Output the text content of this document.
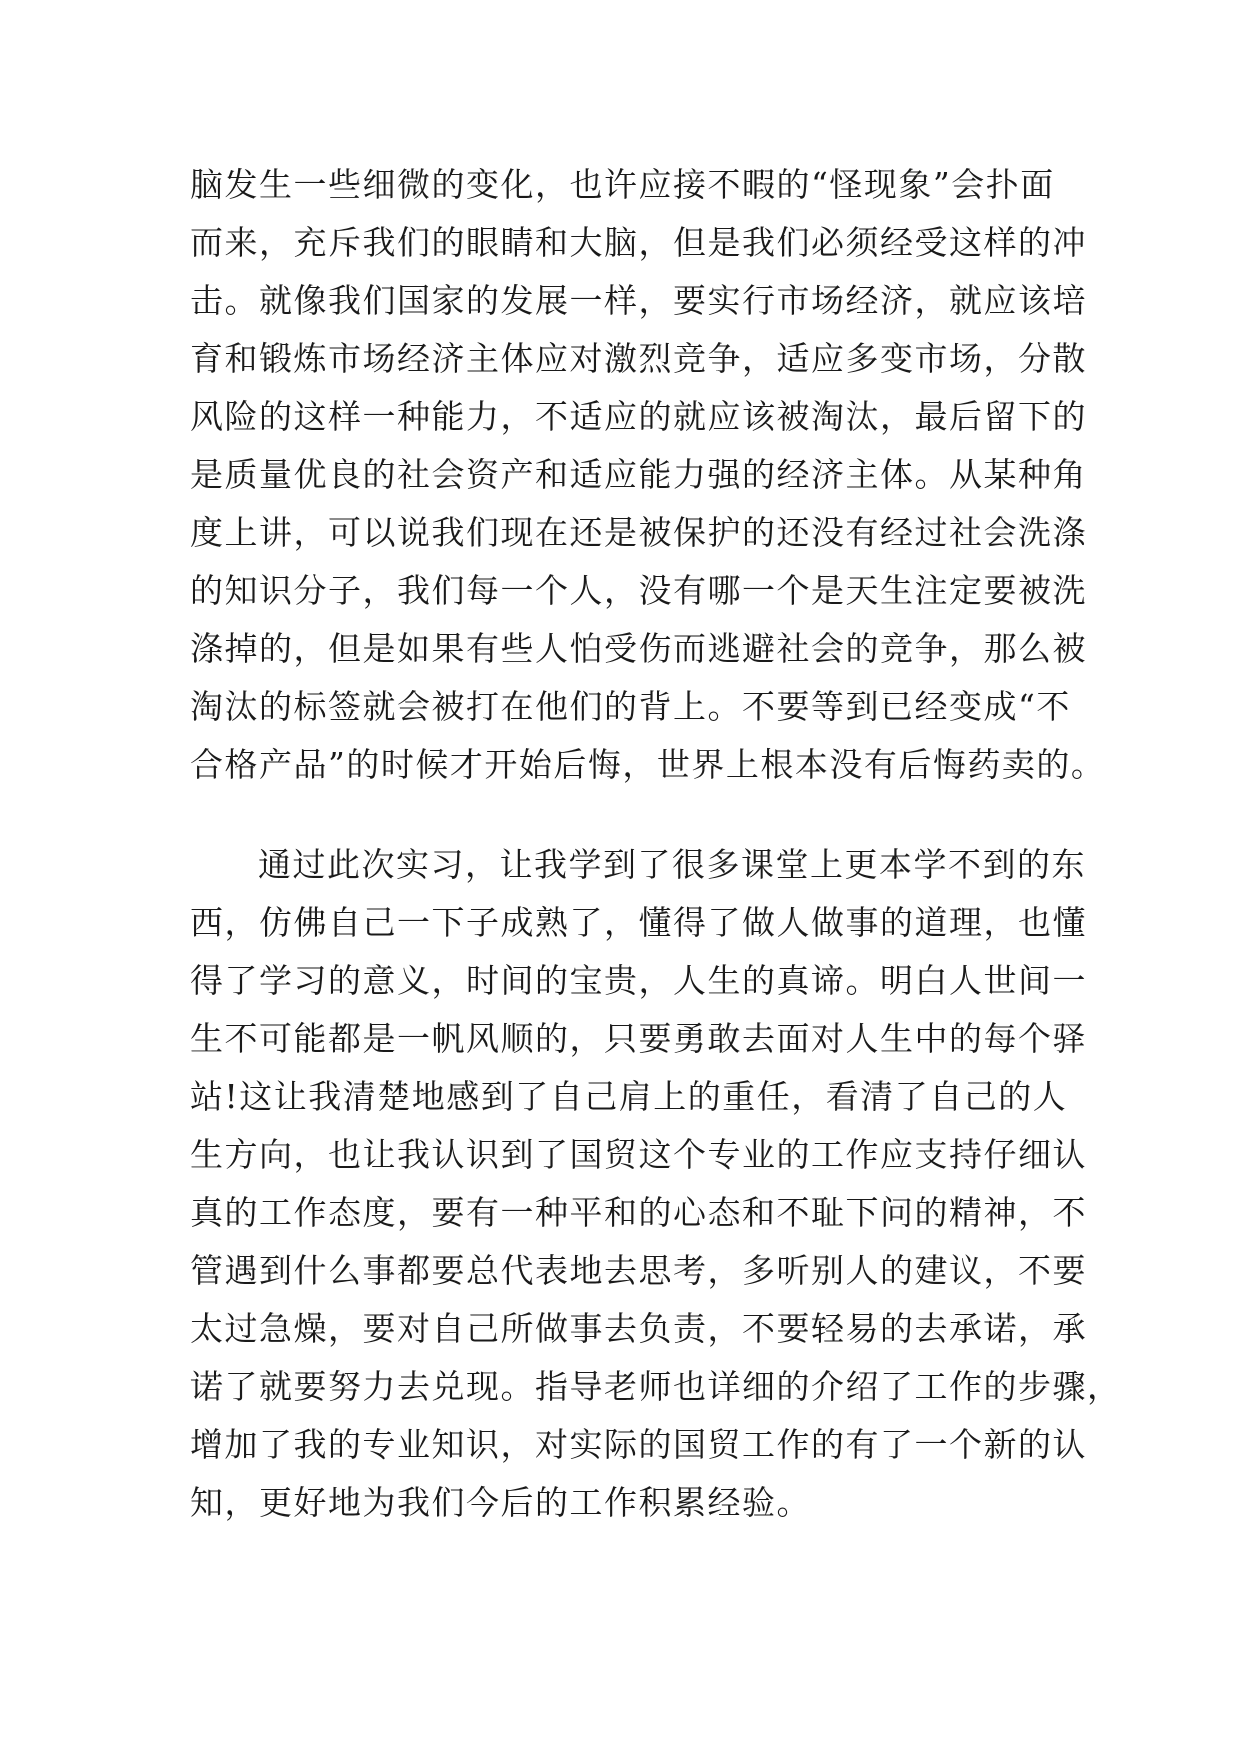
脑发生一些细微的变化，也许应接不暇的“怪现象”会扑面
而来，充斥我们的眼睛和大脑，但是我们必须经受这样的冲
击。就像我们国家的发展一样，要实行市场经济，就应该培
育和锻炼市场经济主体应对激烈竞争，适应多变市场，分散
风险的这样一种能力，不适应的就应该被淘汰，最后留下的
是质量优良的社会资产和适应能力强的经济主体。从某种角
度上讲，可以说我们现在还是被保护的还没有经过社会洗涤
的知识分子，我们每一个人，没有哪一个是天生注定要被洗
涤掉的，但是如果有些人怕受伤而逃避社会的竞争，那么被
淘汰的标签就会被打在他们的背上。不要等到已经变成“不
合格产品”的时候才开始后悔，世界上根本没有后悔药卖的。
通过此次实习，让我学到了很多课堂上更本学不到的东
西，仿佛自己一下子成熟了，懂得了做人做事的道理，也懂
得了学习的意义，时间的宝贵，人生的真谛。明白人世间一
生不可能都是一帆风顺的，只要勇敢去面对人生中的每个驿
站!这让我清楚地感到了自己肩上的重任，看清了自己的人
生方向，也让我认识到了国贸这个专业的工作应支持仔细认
真的工作态度，要有一种平和的心态和不耻下问的精神，不
管遇到什么事都要总代表地去思考，多听别人的建议，不要
太过急燥，要对自己所做事去负责，不要轻易的去承诺，承
诺了就要努力去兑现。指导老师也详细的介绍了工作的步骤，
增加了我的专业知识，对实际的国贸工作的有了一个新的认
知，更好地为我们今后的工作积累经验。
